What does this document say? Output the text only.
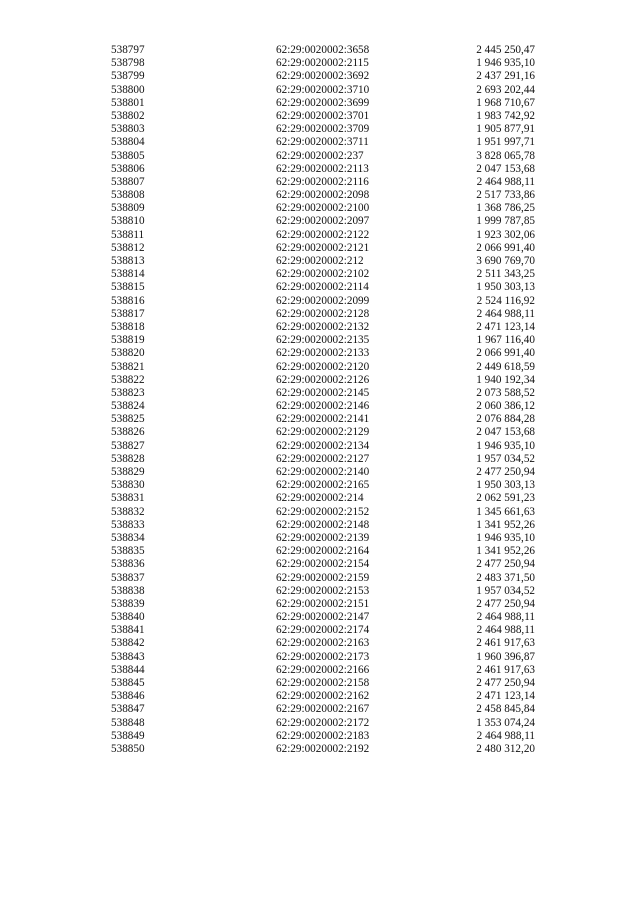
538797	62:29:0020002:3658	2 445 250,47
538798	62:29:0020002:2115	1 946 935,10
538799	62:29:0020002:3692	2 437 291,16
538800	62:29:0020002:3710	2 693 202,44
538801	62:29:0020002:3699	1 968 710,67
538802	62:29:0020002:3701	1 983 742,92
538803	62:29:0020002:3709	1 905 877,91
538804	62:29:0020002:3711	1 951 997,71
538805	62:29:0020002:237	3 828 065,78
538806	62:29:0020002:2113	2 047 153,68
538807	62:29:0020002:2116	2 464 988,11
538808	62:29:0020002:2098	2 517 733,86
538809	62:29:0020002:2100	1 368 786,25
538810	62:29:0020002:2097	1 999 787,85
538811	62:29:0020002:2122	1 923 302,06
538812	62:29:0020002:2121	2 066 991,40
538813	62:29:0020002:212	3 690 769,70
538814	62:29:0020002:2102	2 511 343,25
538815	62:29:0020002:2114	1 950 303,13
538816	62:29:0020002:2099	2 524 116,92
538817	62:29:0020002:2128	2 464 988,11
538818	62:29:0020002:2132	2 471 123,14
538819	62:29:0020002:2135	1 967 116,40
538820	62:29:0020002:2133	2 066 991,40
538821	62:29:0020002:2120	2 449 618,59
538822	62:29:0020002:2126	1 940 192,34
538823	62:29:0020002:2145	2 073 588,52
538824	62:29:0020002:2146	2 060 386,12
538825	62:29:0020002:2141	2 076 884,28
538826	62:29:0020002:2129	2 047 153,68
538827	62:29:0020002:2134	1 946 935,10
538828	62:29:0020002:2127	1 957 034,52
538829	62:29:0020002:2140	2 477 250,94
538830	62:29:0020002:2165	1 950 303,13
538831	62:29:0020002:214	2 062 591,23
538832	62:29:0020002:2152	1 345 661,63
538833	62:29:0020002:2148	1 341 952,26
538834	62:29:0020002:2139	1 946 935,10
538835	62:29:0020002:2164	1 341 952,26
538836	62:29:0020002:2154	2 477 250,94
538837	62:29:0020002:2159	2 483 371,50
538838	62:29:0020002:2153	1 957 034,52
538839	62:29:0020002:2151	2 477 250,94
538840	62:29:0020002:2147	2 464 988,11
538841	62:29:0020002:2174	2 464 988,11
538842	62:29:0020002:2163	2 461 917,63
538843	62:29:0020002:2173	1 960 396,87
538844	62:29:0020002:2166	2 461 917,63
538845	62:29:0020002:2158	2 477 250,94
538846	62:29:0020002:2162	2 471 123,14
538847	62:29:0020002:2167	2 458 845,84
538848	62:29:0020002:2172	1 353 074,24
538849	62:29:0020002:2183	2 464 988,11
538850	62:29:0020002:2192	2 480 312,20
